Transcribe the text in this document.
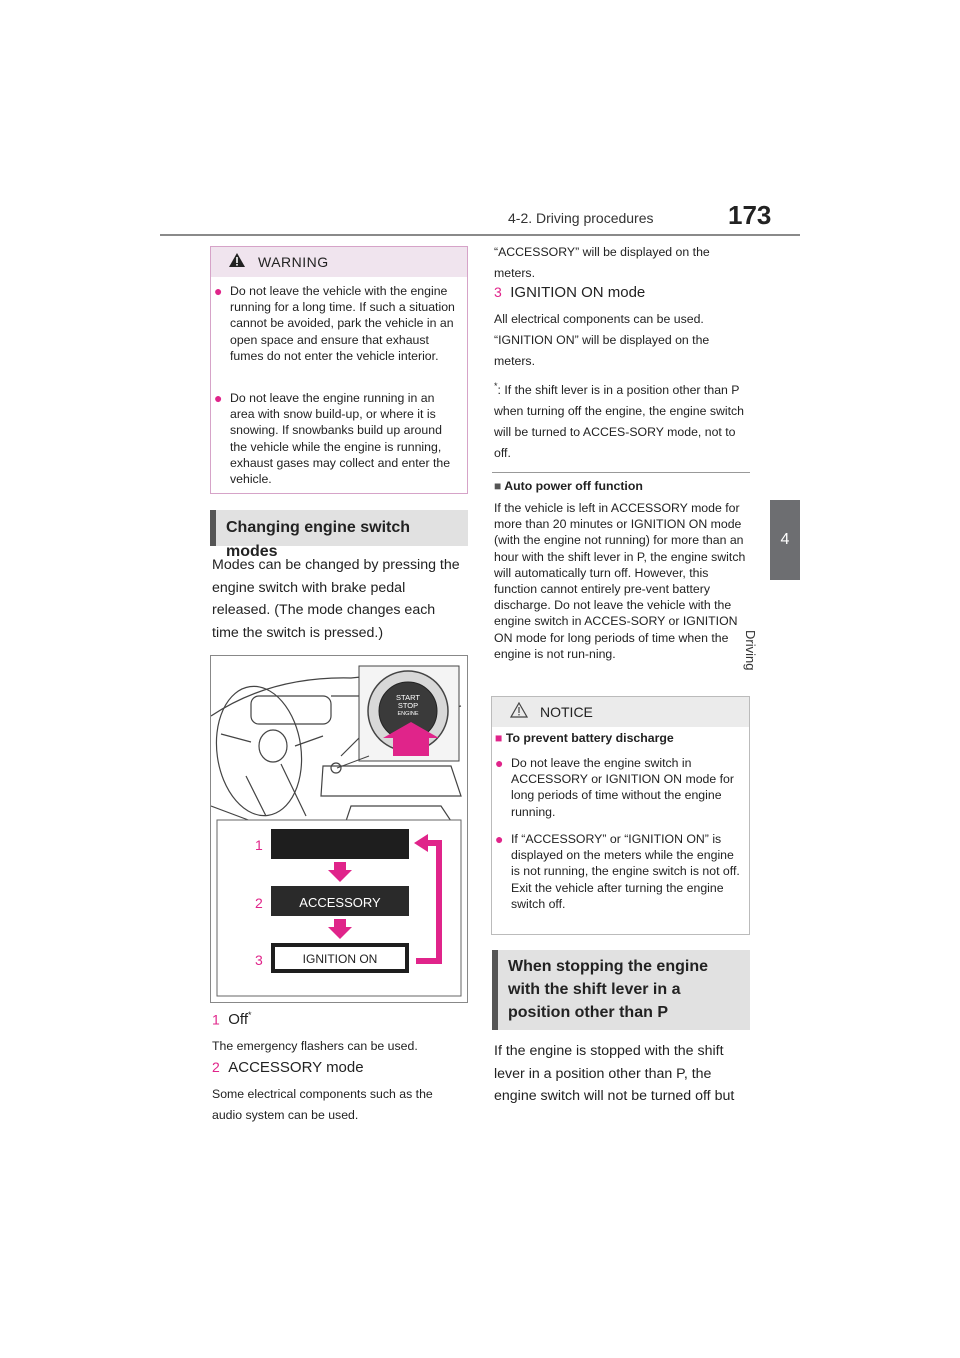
4-2. Driving procedures	173
4
Driving
WARNING
● Do not leave the vehicle with the engine running for a long time. If such a situation cannot be avoided, park the vehicle in an open space and ensure that exhaust fumes do not enter the vehicle interior.
● Do not leave the engine running in an area with snow build-up, or where it is snowing. If snowbanks build up around the vehicle while the engine is running, exhaust gases may collect and enter the vehicle.
Changing engine switch modes
Modes can be changed by pressing the engine switch with brake pedal released. (The mode changes each time the switch is pressed.)
START
STOP
ENGINE
1
2
3
ACCESSORY
IGNITION ON
1 Off*
The emergency flashers can be used.
2 ACCESSORY mode
Some electrical components such as the audio system can be used.
“ACCESSORY” will be displayed on the meters.
3 IGNITION ON mode
All electrical components can be used.
“IGNITION ON” will be displayed on the meters.
*: If the shift lever is in a position other than P when turning off the engine, the engine switch will be turned to ACCES-SORY mode, not to off.
■ Auto power off function
If the vehicle is left in ACCESSORY mode for more than 20 minutes or IGNITION ON mode (with the engine not running) for more than an hour with the shift lever in P, the engine switch will automatically turn off. However, this function cannot entirely pre-vent battery discharge. Do not leave the vehicle with the engine switch in ACCES-SORY or IGNITION ON mode for long periods of time when the engine is not run-ning.
NOTICE
■ To prevent battery discharge
● Do not leave the engine switch in ACCESSORY or IGNITION ON mode for long periods of time without the engine running.
● If “ACCESSORY” or “IGNITION ON” is displayed on the meters while the engine is not running, the engine switch is not off. Exit the vehicle after turning the engine switch off.
When stopping the engine with the shift lever in a position other than P
If the engine is stopped with the shift lever in a position other than P, the engine switch will not be turned off but
